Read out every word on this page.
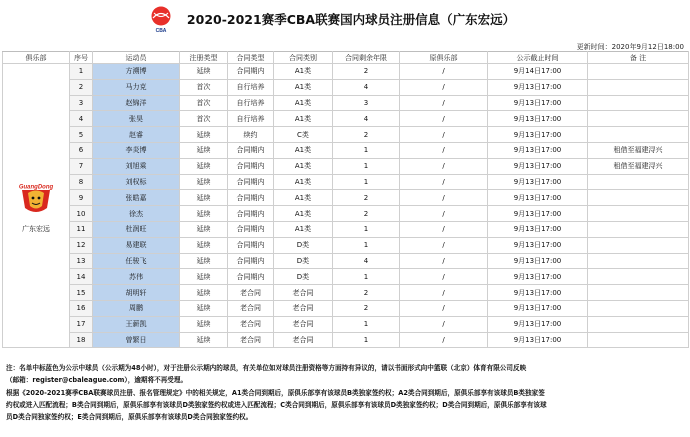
CBA
2020-2021赛季CBA联赛国内球员注册信息（广东宏远）
更新时间：2020年9月12日18:00
俱乐部	序号	运动员	注册类型	合同类型	合同类别	合同剩余年限	原俱乐部	公示截止时间	备 注

GuangDong
广东宏远	1	方溯博	延续	合同期内	A1类	2	/	9月14日17:00	
	2	马力克	首次	自行培养	A1类	4	/	9月13日17:00	
	3	赵锦洋	首次	自行培养	A1类	3	/	9月13日17:00	
	4	张昊	首次	自行培养	A1类	4	/	9月13日17:00	
	5	赵睿	延续	续约	C类	2	/	9月13日17:00	
	6	李炎博	延续	合同期内	A1类	1	/	9月13日17:00	租借至福建浔兴
	7	刘旭乘	延续	合同期内	A1类	1	/	9月13日17:00	租借至福建浔兴
	8	刘权标	延续	合同期内	A1类	1	/	9月13日17:00	
	9	张皓嘉	延续	合同期内	A1类	2	/	9月13日17:00	
	10	徐杰	延续	合同期内	A1类	2	/	9月13日17:00	
	11	杜润旺	延续	合同期内	A1类	1	/	9月13日17:00	
	12	易建联	延续	合同期内	D类	1	/	9月13日17:00	
	13	任骏飞	延续	合同期内	D类	4	/	9月13日17:00	
	14	苏伟	延续	合同期内	D类	1	/	9月13日17:00	
	15	胡明轩	延续	老合同	老合同	2	/	9月13日17:00	
	16	周鹏	延续	老合同	老合同	2	/	9月13日17:00	
	17	王薪凯	延续	老合同	老合同	1	/	9月13日17:00	
	18	曾繁日	延续	老合同	老合同	1	/	9月13日17:00	

注：名单中标蓝色为公示中球员（公示期为48小时），对于注册公示期内的球员，有关单位如对球员注册资格等方面持有异议的，请以书面形式向中篮联（北京）体育有限公司反映

（邮箱：register@cbaleague.com），逾期将不再受理。

根据《2020-2021赛季CBA联赛球员注册、报名管理规定》中的相关规定，A1类合同到期后，原俱乐部享有该球员B类独家签约权；A2类合同到期后，原俱乐部享有该球员B类独家签

约权或进入匹配流程；B类合同到期后，原俱乐部享有该球员D类独家签约权或进入匹配流程；C类合同到期后，原俱乐部享有该球员D类独家签约权；D类合同到期后，原俱乐部享有该球

员D类合同独家签约权；E类合同到期后，原俱乐部享有该球员D类合同独家签约权。
